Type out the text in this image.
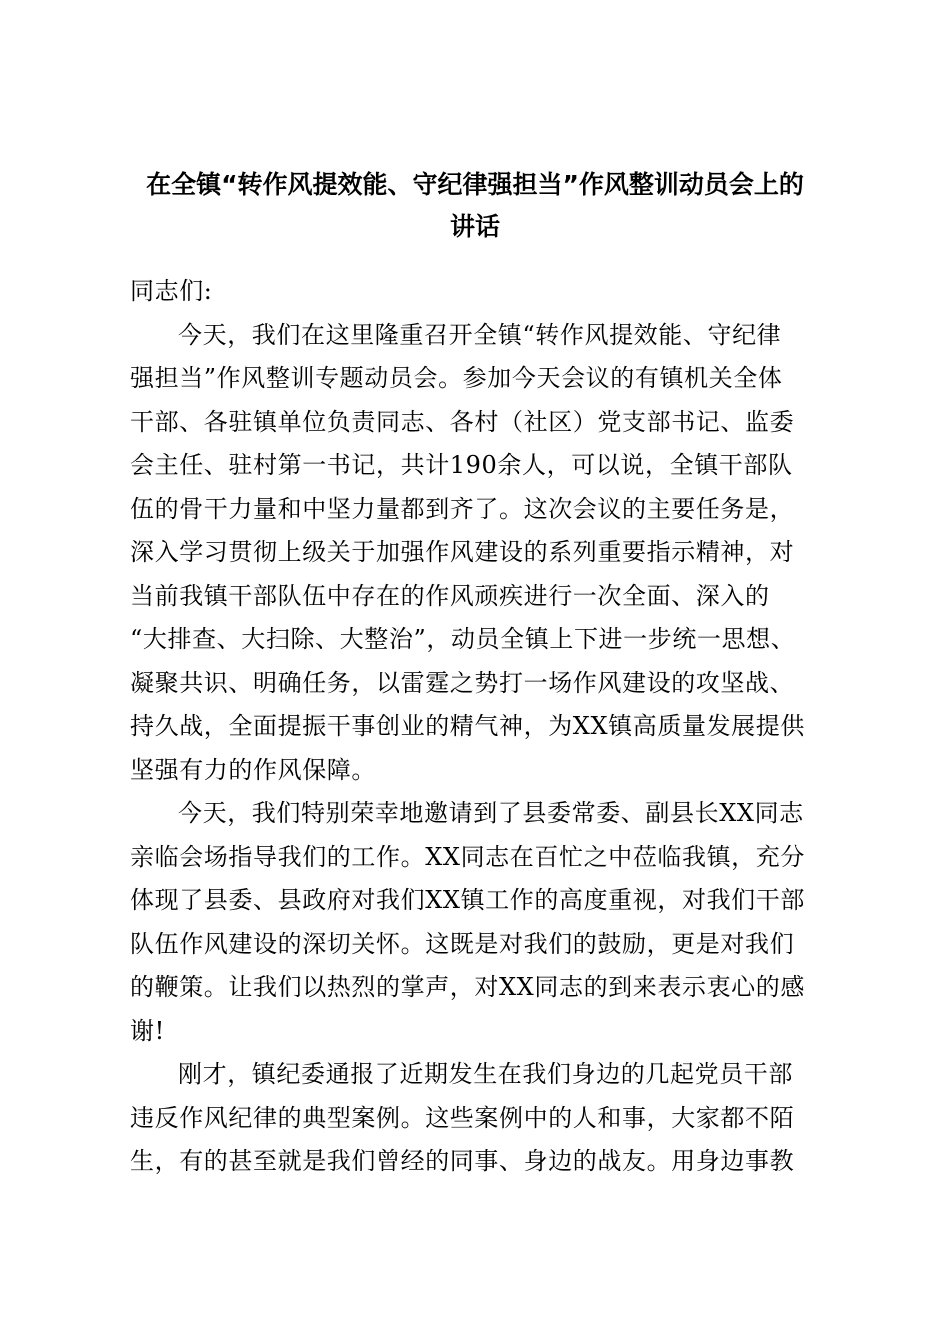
在全镇“转作风提效能、守纪律强担当”作风整训动员会上的
讲话
同志们:
今天，我们在这里隆重召开全镇“转作风提效能、守纪律
强担当”作风整训专题动员会。参加今天会议的有镇机关全体
干部、各驻镇单位负责同志、各村（社区）党支部书记、监委
会主任、驻村第一书记，共计190余人，可以说，全镇干部队
伍的骨干力量和中坚力量都到齐了。这次会议的主要任务是，
深入学习贯彻上级关于加强作风建设的系列重要指示精神，对
当前我镇干部队伍中存在的作风顽疾进行一次全面、深入的
“大排查、大扫除、大整治”，动员全镇上下进一步统一思想、
凝聚共识、明确任务，以雷霆之势打一场作风建设的攻坚战、
持久战，全面提振干事创业的精气神，为XX镇高质量发展提供
坚强有力的作风保障。
今天，我们特别荣幸地邀请到了县委常委、副县长XX同志
亲临会场指导我们的工作。XX同志在百忙之中莅临我镇，充分
体现了县委、县政府对我们XX镇工作的高度重视，对我们干部
队伍作风建设的深切关怀。这既是对我们的鼓励，更是对我们
的鞭策。让我们以热烈的掌声，对XX同志的到来表示衷心的感
谢!
刚才，镇纪委通报了近期发生在我们身边的几起党员干部
违反作风纪律的典型案例。这些案例中的人和事，大家都不陌
生，有的甚至就是我们曾经的同事、身边的战友。用身边事教
